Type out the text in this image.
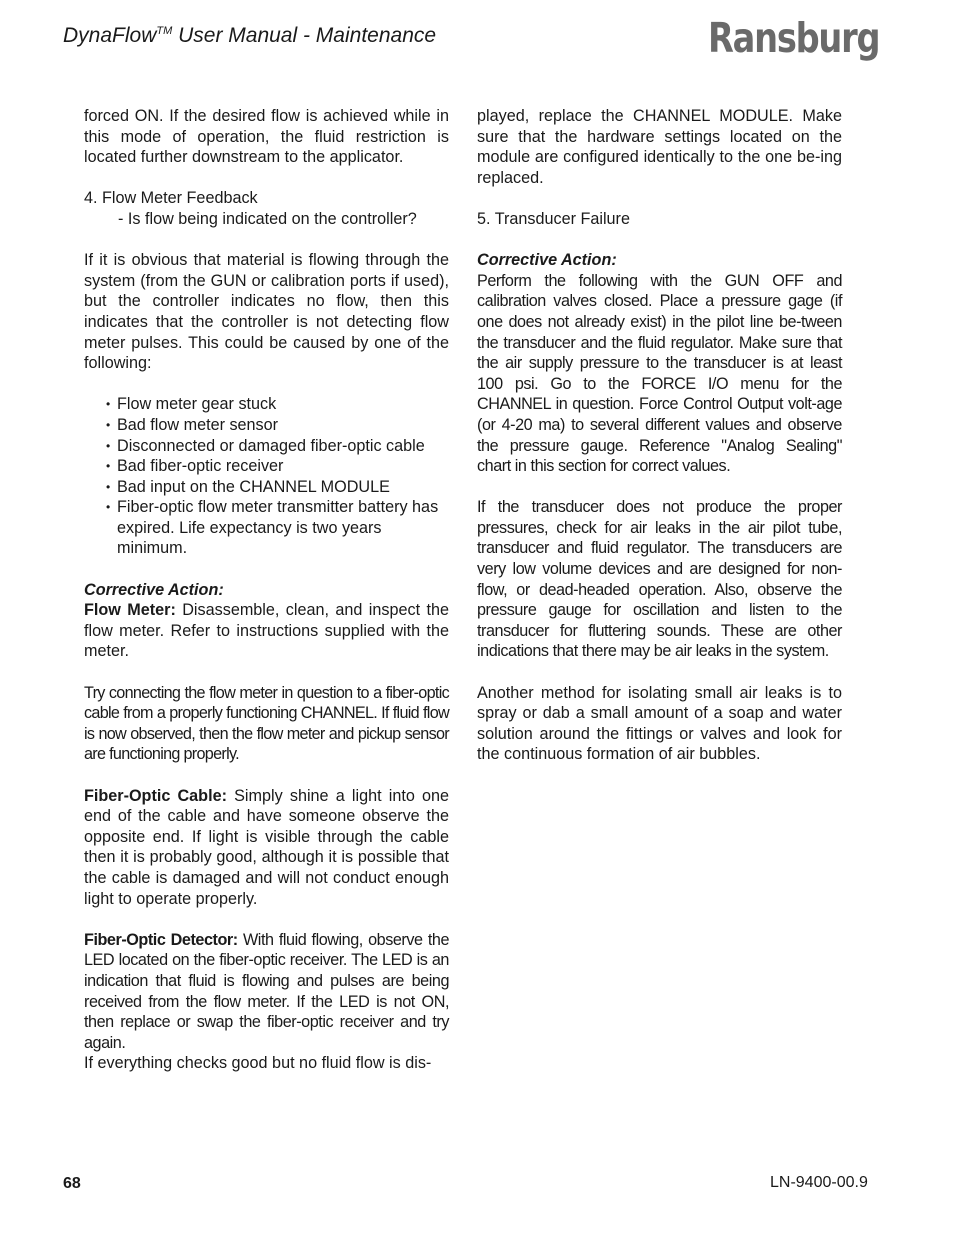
DynaFlow™ User Manual - Maintenance	Ransburg

forced ON. If the desired flow is achieved while in this mode of operation, the fluid restriction is located further downstream to the applicator.

4. Flow Meter Feedback

- Is flow being indicated on the controller?

If it is obvious that material is flowing through the system (from the GUN or calibration ports if used), but the controller indicates no flow, then this indicates that the controller is not detecting flow meter pulses. This could be caused by one of the following:

• Flow meter gear stuck
• Bad flow meter sensor
• Disconnected or damaged fiber-optic cable
• Bad fiber-optic receiver
• Bad input on the CHANNEL MODULE
• Fiber-optic flow meter transmitter battery has expired. Life expectancy is two years minimum.

Corrective Action:

Flow Meter: Disassemble, clean, and inspect the flow meter. Refer to instructions supplied with the meter.

Try connecting the flow meter in question to a fiber-optic cable from a properly functioning CHANNEL. If fluid flow is now observed, then the flow meter and pickup sensor are functioning properly.

Fiber-Optic Cable: Simply shine a light into one end of the cable and have someone observe the opposite end. If light is visible through the cable then it is probably good, although it is possible that the cable is damaged and will not conduct enough light to operate properly.

Fiber-Optic Detector: With fluid flowing, observe the LED located on the fiber-optic receiver. The LED is an indication that fluid is flowing and pulses are being received from the flow meter. If the LED is not ON, then replace or swap the fiber-optic receiver and try again.

If everything checks good but no fluid flow is dis-

played, replace the CHANNEL MODULE. Make sure that the hardware settings located on the module are configured identically to the one be-ing replaced.

5. Transducer Failure

Corrective Action:

Perform the following with the GUN OFF and calibration valves closed. Place a pressure gage (if one does not already exist) in the pilot line be-tween the transducer and the fluid regulator. Make sure that the air supply pressure to the transducer is at least 100 psi. Go to the FORCE I/O menu for the CHANNEL in question. Force Control Output volt-age (or 4-20 ma) to several different values and observe the pressure gauge. Reference "Analog Sealing" chart in this section for correct values.

If the transducer does not produce the proper pressures, check for air leaks in the air pilot tube, transducer and fluid regulator. The transducers are very low volume devices and are designed for non-flow, or dead-headed operation. Also, observe the pressure gauge for oscillation and listen to the transducer for fluttering sounds. These are other indications that there may be air leaks in the system.

Another method for isolating small air leaks is to spray or dab a small amount of a soap and water solution around the fittings or valves and look for the continuous formation of air bubbles.

68	LN-9400-00.9
